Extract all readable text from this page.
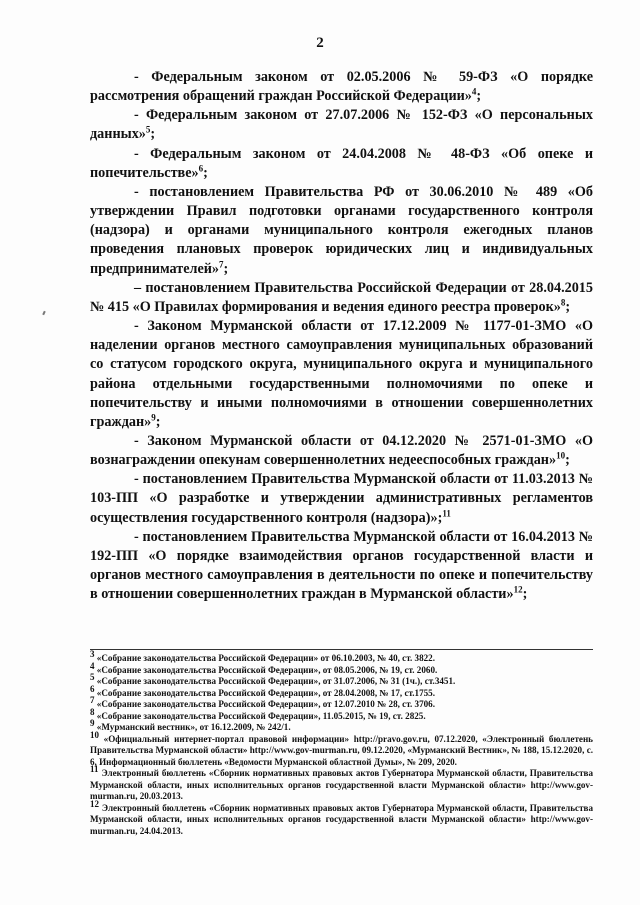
2

- Федеральным законом от 02.05.2006 № 59-ФЗ «О порядке рассмотрения обращений граждан Российской Федерации»$^4$;

- Федеральным законом от 27.07.2006 № 152-ФЗ «О персональных данных»$^5$;

- Федеральным законом от 24.04.2008 № 48-ФЗ «Об опеке и попечительстве»$^6$;

- постановлением Правительства РФ от 30.06.2010 № 489 «Об утверждении Правил подготовки органами государственного контроля (надзора) и органами муниципального контроля ежегодных планов проведения плановых проверок юридических лиц и индивидуальных предпринимателей»$^7$;

– постановлением Правительства Российской Федерации от 28.04.2015 № 415 «О Правилах формирования и ведения единого реестра проверок»$^8$;

- Законом Мурманской области от 17.12.2009 № 1177-01-ЗМО «О наделении органов местного самоуправления муниципальных образований со статусом городского округа, муниципального округа и муниципального района отдельными государственными полномочиями по опеке и попечительству и иными полномочиями в отношении совершеннолетних граждан»$^9$;

- Законом Мурманской области от 04.12.2020 № 2571-01-ЗМО «О вознаграждении опекунам совершеннолетних недееспособных граждан»$^{10}$;

- постановлением Правительства Мурманской области от 11.03.2013 № 103-ПП «О разработке и утверждении административных регламентов осуществления государственного контроля (надзора)»;$^{11}$

- постановлением Правительства Мурманской области от 16.04.2013 № 192-ПП «О порядке взаимодействия органов государственной власти и органов местного самоуправления в деятельности по опеке и попечительству в отношении совершеннолетних граждан в Мурманской области»$^{12}$;

$^3$ «Собрание законодательства Российской Федерации» от 06.10.2003, № 40, ст. 3822.

$^4$ «Собрание законодательства Российской Федерации», от 08.05.2006, № 19, ст. 2060.

$^5$ «Собрание законодательства Российской Федерации», от 31.07.2006, № 31 (1ч.), ст.3451.

$^6$ «Собрание законодательства Российской Федерации», от 28.04.2008, № 17, ст.1755.

$^7$ «Собрание законодательства Российской Федерации», от 12.07.2010 № 28, ст. 3706.

$^8$ «Собрание законодательства Российской Федерации», 11.05.2015, № 19, ст. 2825.

$^9$ «Мурманский вестник», от 16.12.2009, № 242/1.

$^{10}$ «Официальный интернет-портал правовой информации» http://pravo.gov.ru, 07.12.2020, «Электронный бюллетень Правительства Мурманской области» http://www.gov-murman.ru, 09.12.2020, «Мурманский Вестник», № 188, 15.12.2020, с. 6, Информационный бюллетень «Ведомости Мурманской областной Думы», № 209, 2020.

$^{11}$ Электронный бюллетень «Сборник нормативных правовых актов Губернатора Мурманской области, Правительства Мурманской области, иных исполнительных органов государственной власти Мурманской области» http://www.gov-murman.ru, 20.03.2013.

$^{12}$ Электронный бюллетень «Сборник нормативных правовых актов Губернатора Мурманской области, Правительства Мурманской области, иных исполнительных органов государственной власти Мурманской области» http://www.gov-murman.ru, 24.04.2013.
